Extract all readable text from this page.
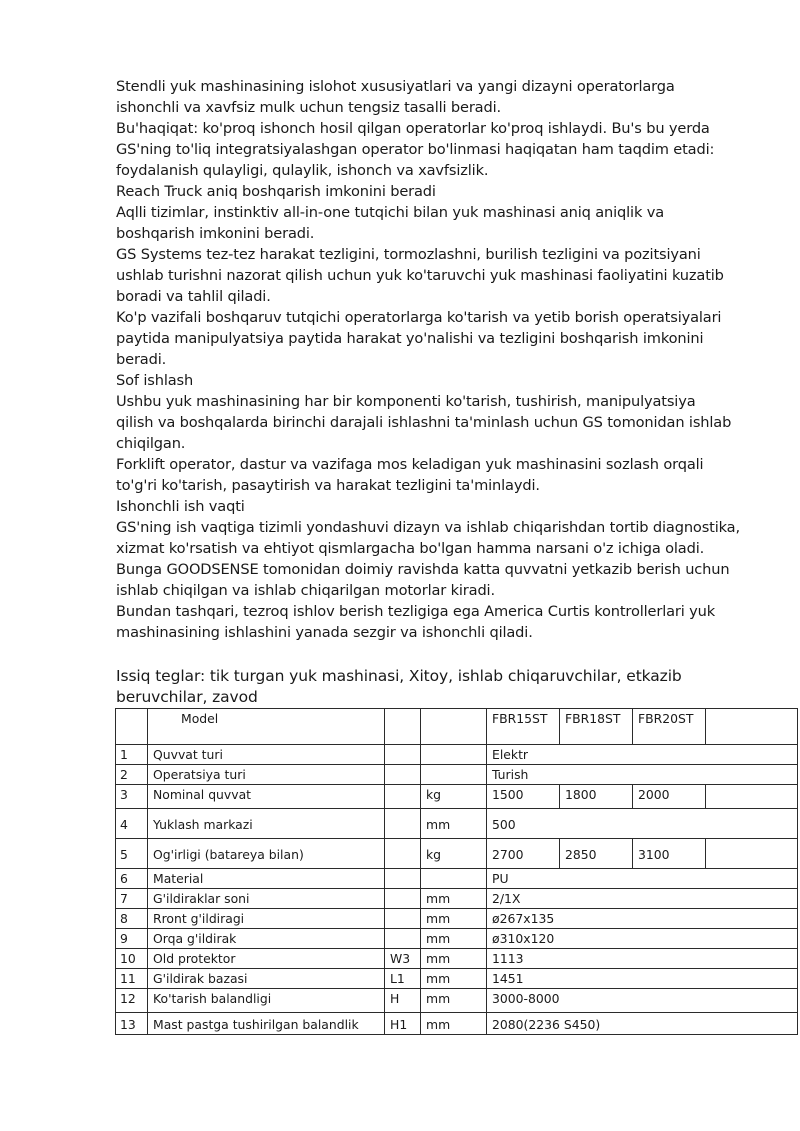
Stendli yuk mashinasining islohot xususiyatlari va yangi dizayni operatorlarga

ishonchli va xavfsiz mulk uchun tengsiz tasalli beradi.

Bu'haqiqat: ko'proq ishonch hosil qilgan operatorlar ko'proq ishlaydi. Bu's bu yerda

GS'ning to'liq integratsiyalashgan operator bo'linmasi haqiqatan ham taqdim etadi:

foydalanish qulayligi, qulaylik, ishonch va xavfsizlik.

Reach Truck aniq boshqarish imkonini beradi

Aqlli tizimlar, instinktiv all-in-one tutqichi bilan yuk mashinasi aniq aniqlik va

boshqarish imkonini beradi.

GS Systems tez-tez harakat tezligini, tormozlashni, burilish tezligini va pozitsiyani

ushlab turishni nazorat qilish uchun yuk ko'taruvchi yuk mashinasi faoliyatini kuzatib

boradi va tahlil qiladi.

Ko'p vazifali boshqaruv tutqichi operatorlarga ko'tarish va yetib borish operatsiyalari

paytida manipulyatsiya paytida harakat yo'nalishi va tezligini boshqarish imkonini

beradi.

Sof ishlash

Ushbu yuk mashinasining har bir komponenti ko'tarish, tushirish, manipulyatsiya

qilish va boshqalarda birinchi darajali ishlashni ta'minlash uchun GS tomonidan ishlab

chiqilgan.

Forklift operator, dastur va vazifaga mos keladigan yuk mashinasini sozlash orqali

to'g'ri ko'tarish, pasaytirish va harakat tezligini ta'minlaydi.

Ishonchli ish vaqti

GS'ning ish vaqtiga tizimli yondashuvi dizayn va ishlab chiqarishdan tortib diagnostika,

xizmat ko'rsatish va ehtiyot qismlargacha bo'lgan hamma narsani o'z ichiga oladi.

Bunga GOODSENSE tomonidan doimiy ravishda katta quvvatni yetkazib berish uchun

ishlab chiqilgan va ishlab chiqarilgan motorlar kiradi.

Bundan tashqari, tezroq ishlov berish tezligiga ega America Curtis kontrollerlari yuk

mashinasining ishlashini yanada sezgir va ishonchli qiladi.

Issiq teglar: tik turgan yuk mashinasi, Xitoy, ishlab chiqaruvchilar, etkazib
beruvchilar, zavod

	Model			FBR15ST	FBR18ST	FBR20ST	
1	Quvvat turi			Elektr			
2	Operatsiya turi			Turish			
3	Nominal quvvat		kg	1500	1800	2000	
4	Yuklash markazi		mm	500			
5	Og'irligi (batareya bilan)		kg	2700	2850	3100	
6	Material			PU			
7	G'ildiraklar soni		mm	2/1X			
8	Rront g'ildiragi		mm	ø267x135			
9	Orqa g'ildirak		mm	ø310x120			
10	Old protektor	W3	mm	1113			
11	G'ildirak bazasi	L1	mm	1451			
12	Ko'tarish balandligi	H	mm	3000-8000			
13	Mast pastga tushirilgan balandlik	H1	mm	2080(2236 S450)			
